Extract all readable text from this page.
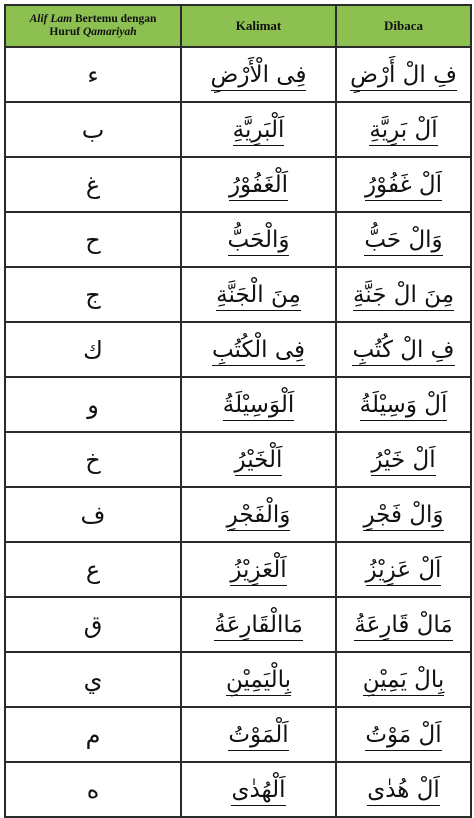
Alif Lam Bertemu dengan
Huruf Qamariyah	Kalimat	Dibaca
ء	فِى الْأَرْضِ	فِ الْ أَرْضِ
ب	اَلْبَرِيَّةِ	اَلْ بَرِيَّةِ
غ	اَلْغَفُوْرُ	اَلْ غَفُوْرُ
ح	وَالْحَبُّ	وَالْ حَبُّ
ج	مِنَ الْجَنَّةِ	مِنَ الْ جَنَّةِ
ك	فِى الْكُتُبِ	فِ الْ كُتُبِ
و	اَلْوَسِيْلَةُ	اَلْ وَسِيْلَةُ
خ	اَلْخَيْرُ	اَلْ خَيْرُ
ف	وَالْفَجْرِ	وَالْ فَجْرِ
ع	اَلْعَزِيْزُ	اَلْ عَزِيْزُ
ق	مَاالْقَارِعَةُ	مَالْ قَارِعَةُ
ي	بِالْيَمِيْنِ	بِالْ يَمِيْنِ
م	اَلْمَوْتُ	اَلْ مَوْتُ
ه	اَلْهُدٰى	اَلْ هُدٰى
